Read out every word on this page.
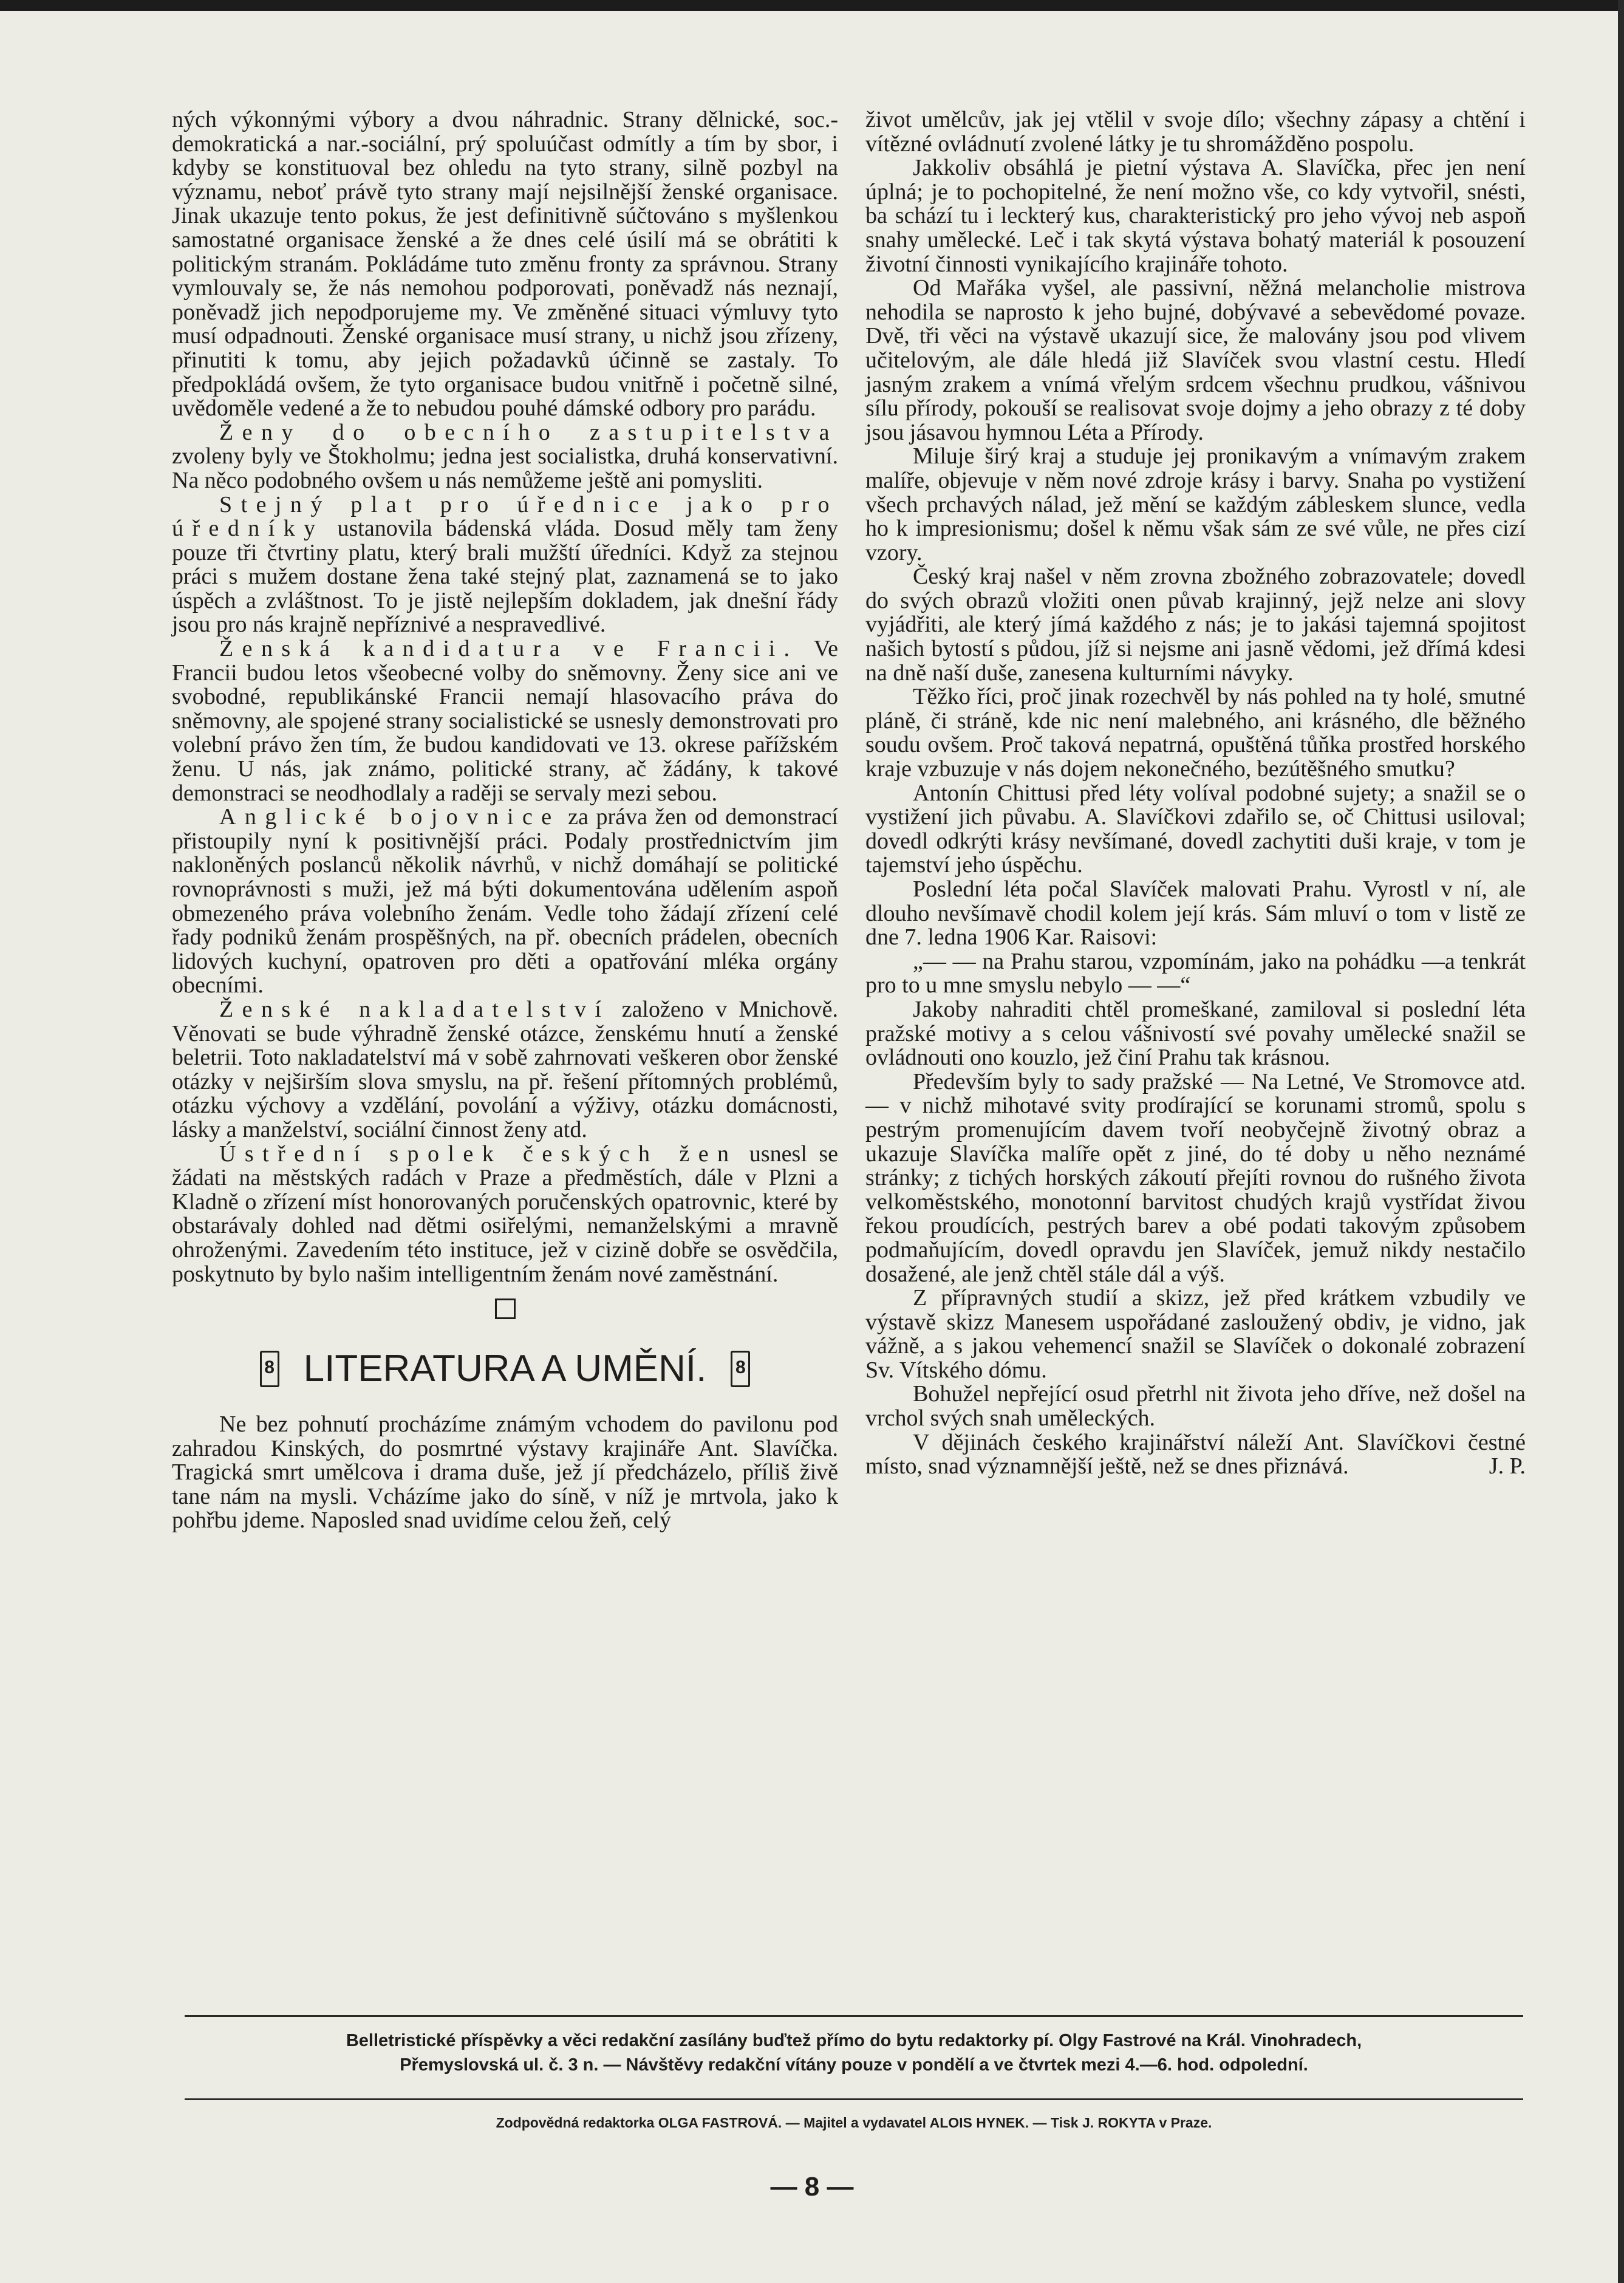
ných výkonnými výbory a dvou náhradnic. Strany dělnické, soc.-demokratická a nar.-sociální, prý spoluúčast odmítly a tím by sbor, i kdyby se konstituoval bez ohledu na tyto strany, silně pozbyl na významu, neboť právě tyto strany mají nejsilnější ženské organisace. Jinak ukazuje tento pokus, že jest definitivně súčtováno s myšlenkou samostatné organisace ženské a že dnes celé úsilí má se obrátiti k politickým stranám. Pokládáme tuto změnu fronty za správnou. Strany vymlouvaly se, že nás nemohou podporovati, poněvadž nás neznají, poněvadž jich nepodporujeme my. Ve změněné situaci výmluvy tyto musí odpadnouti. Ženské organisace musí strany, u nichž jsou zřízeny, přinutiti k tomu, aby jejich požadavků účinně se zastaly. To předpokládá ovšem, že tyto organisace budou vnitřně i početně silné, uvědoměle vedené a že to nebudou pouhé dámské odbory pro parádu.

Ženy do obecního zastupitelstva zvoleny byly ve Štokholmu; jedna jest socialistka, druhá konservativní. Na něco podobného ovšem u nás nemůžeme ještě ani pomysliti.

Stejný plat pro úřednice jako pro úředníky ustanovila bádenská vláda. Dosud měly tam ženy pouze tři čtvrtiny platu, který brali mužští úředníci. Když za stejnou práci s mužem dostane žena také stejný plat, zaznamená se to jako úspěch a zvláštnost. To je jistě nejlepším dokladem, jak dnešní řády jsou pro nás krajně nepříznivé a nespravedlivé.

Ženská kandidatura ve Francii. Ve Francii budou letos všeobecné volby do sněmovny. Ženy sice ani ve svobodné, republikánské Francii nemají hlasovacího práva do sněmovny, ale spojené strany socialistické se usnesly demonstrovati pro volební právo žen tím, že budou kandidovati ve 13. okrese pařížském ženu. U nás, jak známo, politické strany, ač žádány, k takové demonstraci se neodhodlaly a raději se servaly mezi sebou.

Anglické bojovnice za práva žen od demonstrací přistoupily nyní k positivnější práci. Podaly prostřednictvím jim nakloněných poslanců několik návrhů, v nichž domáhají se politické rovnoprávnosti s muži, jež má býti dokumentována udělením aspoň obmezeného práva volebního ženám. Vedle toho žádají zřízení celé řady podniků ženám prospěšných, na př. obecních prádelen, obecních lidových kuchyní, opatroven pro děti a opatřování mléka orgány obecními.

Ženské nakladatelství založeno v Mnichově. Věnovati se bude výhradně ženské otázce, ženskému hnutí a ženské beletrii. Toto nakladatelství má v sobě zahrnovati veškeren obor ženské otázky v nejširším slova smyslu, na př. řešení přítomných problémů, otázku výchovy a vzdělání, povolání a výživy, otázku domácnosti, lásky a manželství, sociální činnost ženy atd.

Ústřední spolek českých žen usnesl se žádati na městských radách v Praze a předměstích, dále v Plzni a Kladně o zřízení míst honorovaných poručenských opatrovnic, které by obstarávaly dohled nad dětmi osiřelými, nemanželskými a mravně ohroženými. Zavedením této instituce, jež v cizině dobře se osvědčila, poskytnuto by bylo našim intelligentním ženám nové zaměstnání.

8 LITERATURA A UMĚNÍ. 8

Ne bez pohnutí procházíme známým vchodem do pavilonu pod zahradou Kinských, do posmrtné výstavy krajináře Ant. Slavíčka. Tragická smrt umělcova i drama duše, jež jí předcházelo, příliš živě tane nám na mysli. Vcházíme jako do síně, v níž je mrtvola, jako k pohřbu jdeme. Naposled snad uvidíme celou žeň, celý

život umělcův, jak jej vtělil v svoje dílo; všechny zápasy a chtění i vítězné ovládnutí zvolené látky je tu shromážděno pospolu.

Jakkoliv obsáhlá je pietní výstava A. Slavíčka, přec jen není úplná; je to pochopitelné, že není možno vše, co kdy vytvořil, snésti, ba schází tu i leckterý kus, charakteristický pro jeho vývoj neb aspoň snahy umělecké. Leč i tak skytá výstava bohatý materiál k posouzení životní činnosti vynikajícího krajináře tohoto.

Od Mařáka vyšel, ale passivní, něžná melancholie mistrova nehodila se naprosto k jeho bujné, dobývavé a sebevědomé povaze. Dvě, tři věci na výstavě ukazují sice, že malovány jsou pod vlivem učitelovým, ale dále hledá již Slavíček svou vlastní cestu. Hledí jasným zrakem a vnímá vřelým srdcem všechnu prudkou, vášnivou sílu přírody, pokouší se realisovat svoje dojmy a jeho obrazy z té doby jsou jásavou hymnou Léta a Přírody.

Miluje širý kraj a studuje jej pronikavým a vnímavým zrakem malíře, objevuje v něm nové zdroje krásy i barvy. Snaha po vystižení všech prchavých nálad, jež mění se každým zábleskem slunce, vedla ho k impresionismu; došel k němu však sám ze své vůle, ne přes cizí vzory.

Český kraj našel v něm zrovna zbožného zobrazovatele; dovedl do svých obrazů vložiti onen půvab krajinný, jejž nelze ani slovy vyjádřiti, ale který jímá každého z nás; je to jakási tajemná spojitost našich bytostí s půdou, jíž si nejsme ani jasně vědomi, jež dřímá kdesi na dně naší duše, zanesena kulturními návyky.

Těžko říci, proč jinak rozechvěl by nás pohled na ty holé, smutné pláně, či stráně, kde nic není malebného, ani krásného, dle běžného soudu ovšem. Proč taková nepatrná, opuštěná tůňka prostřed horského kraje vzbuzuje v nás dojem nekonečného, bezútěšného smutku?

Antonín Chittusi před léty volíval podobné sujety; a snažil se o vystižení jich půvabu. A. Slavíčkovi zdařilo se, oč Chittusi usiloval; dovedl odkrýti krásy nevšímané, dovedl zachytiti duši kraje, v tom je tajemství jeho úspěchu.

Poslední léta počal Slavíček malovati Prahu. Vyrostl v ní, ale dlouho nevšímavě chodil kolem její krás. Sám mluví o tom v listě ze dne 7. ledna 1906 Kar. Raisovi:

„— — na Prahu starou, vzpomínám, jako na pohádku —a tenkrát pro to u mne smyslu nebylo — —“

Jakoby nahraditi chtěl promeškané, zamiloval si poslední léta pražské motivy a s celou vášnivostí své povahy umělecké snažil se ovládnouti ono kouzlo, jež činí Prahu tak krásnou.

Především byly to sady pražské — Na Letné, Ve Stromovce atd. — v nichž mihotavé svity prodírající se korunami stromů, spolu s pestrým promenujícím davem tvoří neobyčejně životný obraz a ukazuje Slavíčka malíře opět z jiné, do té doby u něho neznámé stránky; z tichých horských zákoutí přejíti rovnou do rušného života velkoměstského, monotonní barvitost chudých krajů vystřídat živou řekou proudících, pestrých barev a obé podati takovým způsobem podmaňujícím, dovedl opravdu jen Slavíček, jemuž nikdy nestačilo dosažené, ale jenž chtěl stále dál a výš.

Z přípravných studií a skizz, jež před krátkem vzbudily ve výstavě skizz Manesem uspořádané zasloužený obdiv, je vidno, jak vážně, a s jakou vehemencí snažil se Slavíček o dokonalé zobrazení Sv. Vítského dómu.

Bohužel nepřející osud přetrhl nit života jeho dříve, než došel na vrchol svých snah uměleckých.

V dějinách českého krajinářství náleží Ant. Slavíčkovi čestné místo, snad významnější ještě, než se dnes přiznává.	J. P.

Belletristické příspěvky a věci redakční zasílány buďtež přímo do bytu redaktorky pí. Olgy Fastrové na Král. Vinohradech,
Přemyslovská ul. č. 3 n. — Návštěvy redakční vítány pouze v pondělí a ve čtvrtek mezi 4.—6. hod. odpolední.
Zodpovědná redaktorka OLGA FASTROVÁ. — Majitel a vydavatel ALOIS HYNEK. — Tisk J. ROKYTA v Praze.
— 8 —
